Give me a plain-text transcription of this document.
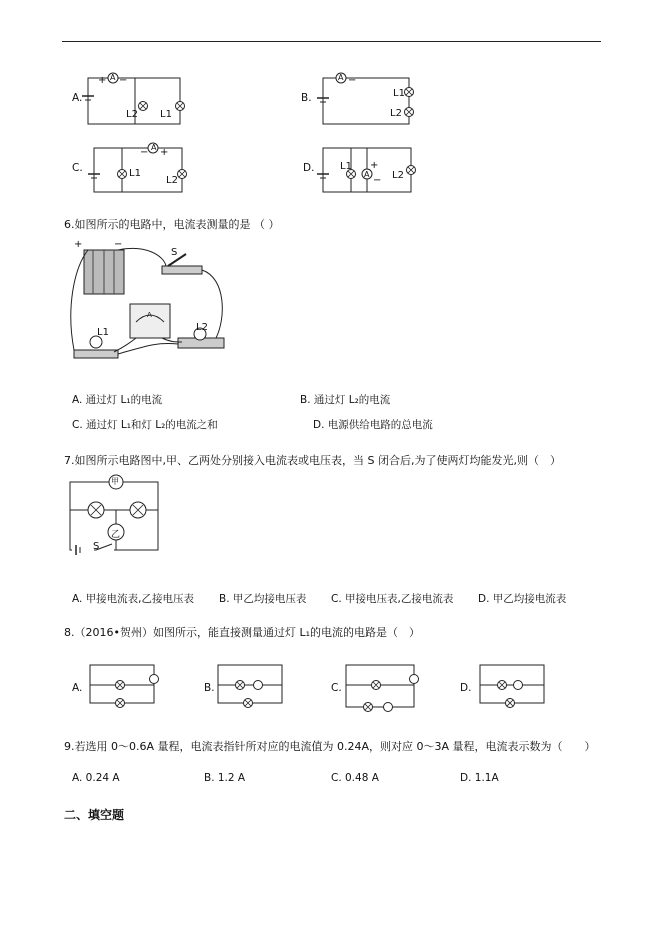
A.
A
+ −
L2 L1
B.
A −
L1
L2
C.
A
− +
L1
L2
D.	L1
A
+
− L2
6.如图所示的电路中，电流表测量的是 （ ）
+	−
S
L1	L2
A
A. 通过灯 L₁的电流	B. 通过灯 L₂的电流
C. 通过灯 L₁和灯 L₂的电流之和	D. 电源供给电路的总电流
7.如图所示电路图中,甲、乙两处分别接入电流表或电压表，当 S 闭合后,为了使两灯均能发光,则（　）
甲
乙
S
A. 甲接电流表,乙接电压表 B. 甲乙均接电压表 C. 甲接电压表,乙接电流表 D. 甲乙均接电流表
8.（2016•贺州）如图所示，能直接测量通过灯 L₁的电流的电路是（　）
A.	B.	C.	D.
9.若选用 0～0.6A 量程，电流表指针所对应的电流值为 0.24A，则对应 0～3A 量程，电流表示数为（　　）
A. 0.24 A	B. 1.2 A	C. 0.48 A	D. 1.1A
二、填空题
